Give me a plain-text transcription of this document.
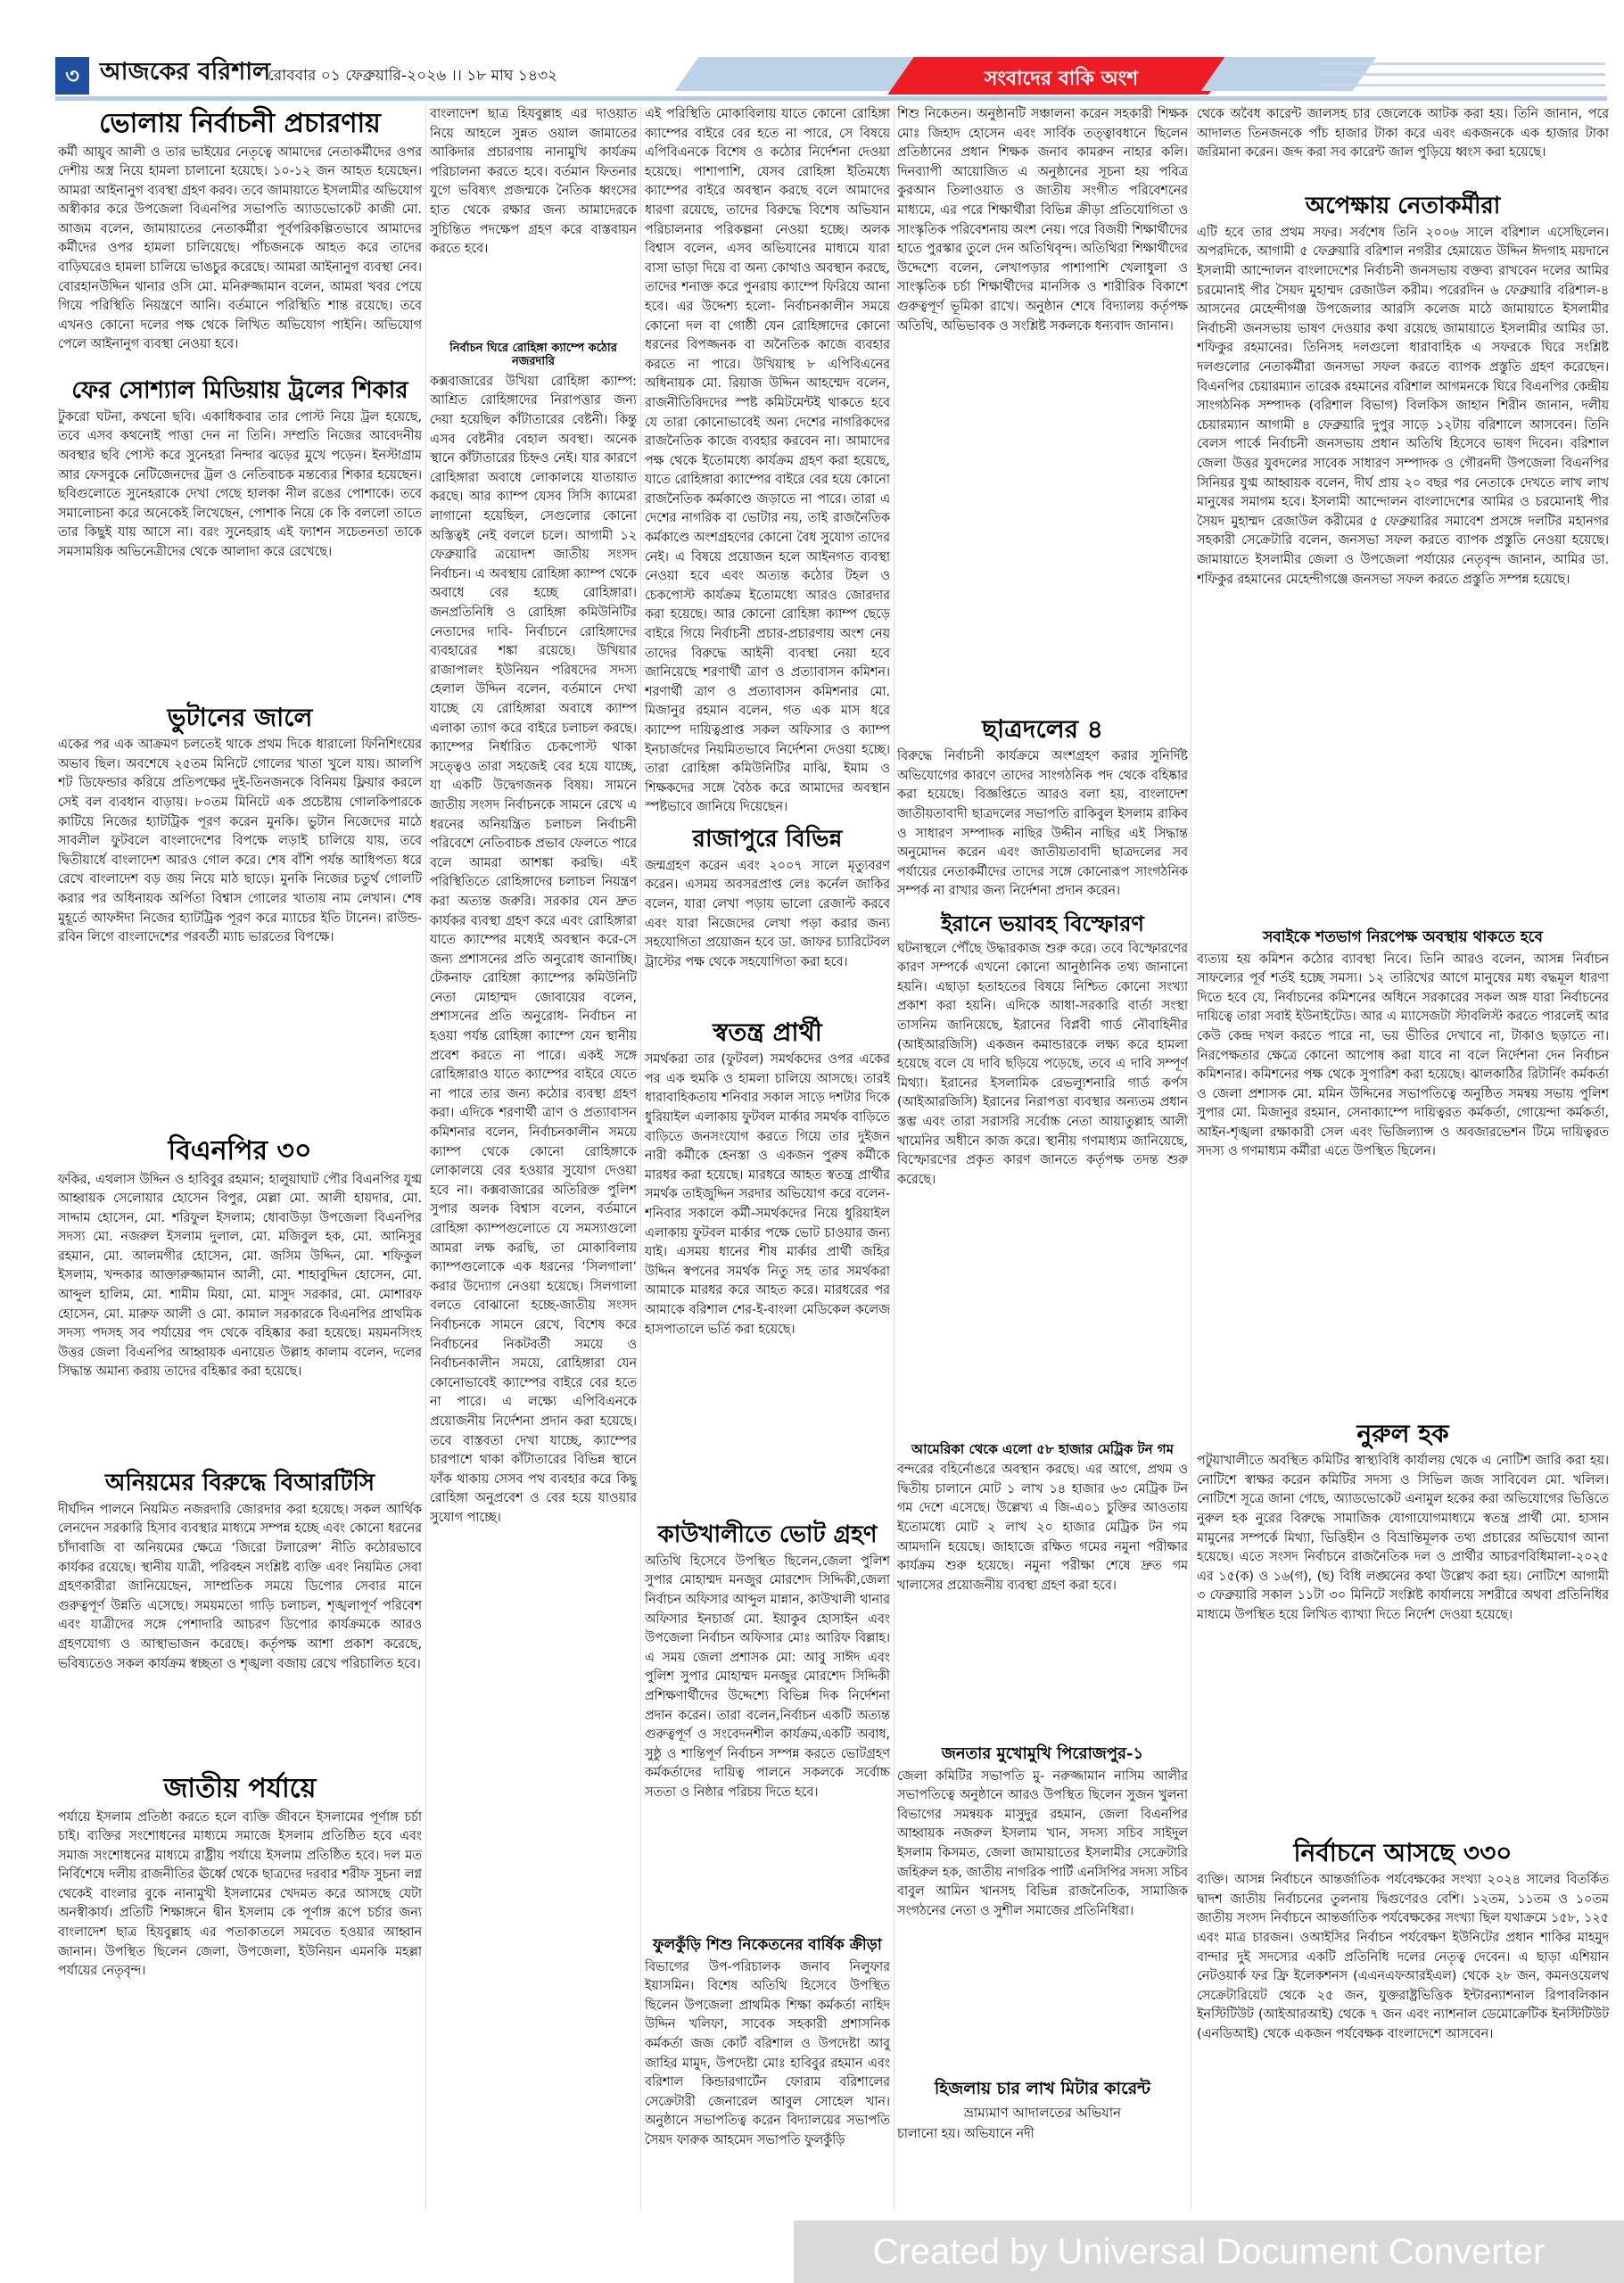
৩ আজকের বরিশাল
রোববার ০১ ফেব্রুয়ারি-২০২৬ ।। ১৮ মাঘ ১৪৩২	সংবাদের বাকি অংশ
ভোলায় নির্বাচনী প্রচারণায়
কর্মী আয়ুব আলী ও তার ভাইয়ের নেতৃত্বে আমাদের নেতাকর্মীদের ওপর দেশীয় অস্ত্র নিয়ে হামলা চালানো হয়েছে। ১০-১২ জন আহত হয়েছেন। আমরা আইনানুগ ব্যবস্থা গ্রহণ করব। তবে জামায়াতে ইসলামীর অভিযোগ অস্বীকার করে উপজেলা বিএনপির সভাপতি অ্যাডভোকেট কাজী মো. আজম বলেন, জামায়াতের নেতাকর্মীরা পূর্বপরিকল্পিতভাবে আমাদের কর্মীদের ওপর হামলা চালিয়েছে। পাঁচজনকে আহত করে তাদের বাড়িঘরেও হামলা চালিয়ে ভাঙচুর করেছে। আমরা আইনানুগ ব্যবস্থা নেব। বোরহানউদ্দিন থানার ওসি মো. মনিরুজ্জামান বলেন, আমরা খবর পেয়ে গিয়ে পরিস্থিতি নিয়ন্ত্রণে আনি। বর্তমানে পরিস্থিতি শান্ত রয়েছে। তবে এখনও কোনো দলের পক্ষ থেকে লিখিত অভিযোগ পাইনি। অভিযোগ পেলে আইনানুগ ব্যবস্থা নেওয়া হবে।
ফের সোশ্যাল মিডিয়ায় ট্রলের শিকার
টুকরো ঘটনা, কথনো ছবি। একাধিকবার তার পোস্ট নিয়ে ট্রল হয়েছে, তবে এসব কথনোই পাত্তা দেন না তিনি। সম্প্রতি নিজের আবেদনীয় অবস্থার ছবি পোস্ট করে সুনেহরা নিন্দার ঝড়ের মুখে পড়েন। ইনস্টাগ্রাম আর ফেসবুকে নেটিজেনদের ট্রল ও নেতিবাচক মন্তব্যের শিকার হয়েছেন। ছবিগুলোতে সুনেহরাকে দেখা গেছে হালকা নীল রঙের পোশাকে। তবে সমালোচনা করে অনেকেই লিখেছেন, পোশাক নিয়ে কে কি বললো তাতে তার কিছুই যায় আসে না। বরং সুনেহরাহ এই ফ্যাশন সচেতনতা তাকে সমসাময়িক অভিনেত্রীদের থেকে আলাদা করে রেখেছে।
ভুটানের জালে
একের পর এক আক্রমণ চলতেই থাকে প্রথম দিকে ধারালো ফিনিশিংয়ের অভাব ছিল। অবশেষে ২৫তম মিনিটে গোলের খাতা খুলে যায়। আলপি শট ডিফেন্ডার করিয়ে প্রতিপক্ষের দুই-তিনজনকে বিনিময় ফ্লিয়ার করলে সেই বল ব্যবধান বাড়ায়। ৮০তম মিনিটে এক প্রচেষ্টায় গোলকিপারকে কাটিয়ে নিজের হ্যাটট্রিক পূরণ করেন মুনকি। ভুটান নিজেদের মাঠে সাবলীল ফুটবলে বাংলাদেশের বিপক্ষে লড়াই চালিয়ে যায়, তবে দ্বিতীয়ার্ধে বাংলাদেশ আরও গোল করে। শেষ বাঁশি পর্যন্ত আধিপত্য ধরে রেখে বাংলাদেশ বড় জয় নিয়ে মাঠ ছাড়ে। মুনকি নিজের চতুর্থ গোলটি করার পর অধিনায়ক অর্পিতা বিশ্বাস গোলের খাতায় নাম লেখান। শেষ মুহূর্তে আফঈদা নিজের হ্যাটট্রিক পূরণ করে ম্যাচের ইতি টানেন। রাউন্ড-রবিন লিগে বাংলাদেশের পরবর্তী ম্যাচ ভারতের বিপক্ষে।
বিএনপির ৩০
ফকির, এথলাস উদ্দিন ও হাবিবুর রহমান; হালুয়াঘাট পৌর বিএনপির যুগ্ম আহ্বায়ক সেলোয়ার হোসেন বিপুর, মেল্লা মো. আলী হায়দার, মো. সাদ্দাম হোসেন, মো. শরিফুল ইসলাম; ধোবাউড়া উপজেলা বিএনপির সদস্য মো. নজরুল ইসলাম দুলাল, মো. মজিবুল হক, মো. আনিসুর রহমান, মো. আলমগীর হোসেন, মো. জসিম উদ্দিন, মো. শফিকুল ইসলাম, খন্দকার আক্তারুজ্জামান আলী, মো. শাহাবুদ্দিন হোসেন, মো. আব্দুল হালিম, মো. শামীম মিয়া, মো. মাসুদ সরকার, মো. মোশারফ হোসেন, মো. মারুফ আলী ও মো. কামাল সরকারকে বিএনপির প্রাথমিক সদস্য পদসহ সব পর্যায়ের পদ থেকে বহিষ্কার করা হয়েছে। ময়মনসিংহ উত্তর জেলা বিএনপির আহ্বায়ক এনায়েত উল্লাহ কালাম বলেন, দলের সিদ্ধান্ত অমান্য করায় তাদের বহিষ্কার করা হয়েছে।
অনিয়মের বিরুদ্ধে বিআরটিসি
দীর্ঘদিন পালনে নিয়মিত নজরদারি জোরদার করা হয়েছে। সকল আর্থিক লেনদেন সরকারি হিসাব ব্যবস্থার মাধ্যমে সম্পন্ন হচ্ছে এবং কোনো ধরনের চাঁদাবাজি বা অনিয়মের ক্ষেত্রে ‘জিরো টলারেন্স’ নীতি কঠোরভাবে কার্যকর রয়েছে। স্থানীয় যাত্রী, পরিবহন সংশ্লিষ্ট ব্যক্তি এবং নিয়মিত সেবা গ্রহণকারীরা জানিয়েছেন, সাম্প্রতিক সময়ে ডিপোর সেবার মানে গুরুত্বপূর্ণ উন্নতি এসেছে। সময়মতো গাড়ি চলাচল, শৃঙ্খলাপূর্ণ পরিবেশ এবং যাত্রীদের সঙ্গে পেশাদারি আচরণ ডিপোর কার্যক্রমকে আরও গ্রহণযোগ্য ও আস্থাভাজন করেছে। কর্তৃপক্ষ আশা প্রকাশ করেছে, ভবিষ্যতেও সকল কার্যক্রম স্বচ্ছতা ও শৃঙ্খলা বজায় রেখে পরিচালিত হবে।
জাতীয় পর্যায়ে
পর্যায়ে ইসলাম প্রতিষ্ঠা করতে হলে ব্যক্তি জীবনে ইসলামের পূর্ণাঙ্গ চর্চা চাই। ব্যক্তির সংশোধনের মাধ্যমে সমাজে ইসলাম প্রতিষ্ঠিত হবে এবং সমাজ সংশোধনের মাধ্যমে রাষ্ট্রীয় পর্যায়ে ইসলাম প্রতিষ্ঠিত হবে। দল মত নির্বিশেষে দলীয় রাজনীতির ঊর্ধ্বে থেকে ছাত্রদের দরবার শরীফ সুচনা লগ্ন থেকেই বাংলার বুকে নানামুখী ইসলামের খেদমত করে আসছে যেটা অনস্বীকার্য। প্রতিটি শিক্ষাঙ্গনে দ্বীন ইসলাম কে পূর্ণাঙ্গ রূপে চর্চার জন্য বাংলাদেশ ছাত্র হিযবুল্লাহ এর পতাকাতলে সমবেত হওয়ার আহ্বান জানান। উপস্থিত ছিলেন জেলা, উপজেলা, ইউনিয়ন এমনকি মহল্লা পর্যায়ের নেতৃবৃন্দ।
বাংলাদেশ ছাত্র হিযবুল্লাহ এর দাওয়াত নিয়ে আহলে সুন্নত ওয়াল জামাতের আকিদার প্রচারণায় নানামুখি কার্যক্রম পরিচালনা করতে হবে। বর্তমান ফিতনার যুগে ভবিষ্যৎ প্রজন্মকে নৈতিক ধ্বংসের হাত থেকে রক্ষার জন্য আমাদেরকে সুচিন্তিত পদক্ষেপ গ্রহণ করে বাস্তবায়ন করতে হবে।
নির্বাচন ঘিরে রোহিঙ্গা ক্যাম্পে কঠোর নজরদারি
কক্সবাজারের উখিয়া রোহিঙ্গা ক্যাম্প: আশ্রিত রোহিঙ্গাদের নিরাপত্তার জন্য দেয়া হয়েছিল কাঁটাতারের বেষ্টনী। কিন্তু এসব বেষ্টনীর বেহাল অবস্থা। অনেক স্থানে কাঁটাতারের চিহ্নও নেই। যার কারণে রোহিঙ্গারা অবাধে লোকালয়ে যাতায়াত করছে। আর ক্যাম্প যেসব সিসি ক্যামেরা লাগানো হয়েছিল, সেগুলোর কোনো অস্তিত্বই নেই বললে চলে। আগামী ১২ ফেব্রুয়ারি ত্রয়োদশ জাতীয় সংসদ নির্বাচন। এ অবস্থায় রোহিঙ্গা ক্যাম্প থেকে অবাধে বের হচ্ছে রোহিঙ্গারা। জনপ্রতিনিধি ও রোহিঙ্গা কমিউনিটির নেতাদের দাবি- নির্বাচনে রোহিঙ্গাদের ব্যবহারের শঙ্কা রয়েছে। উখিয়ার রাজাপালং ইউনিয়ন পরিষদের সদস্য হেলাল উদ্দিন বলেন, বর্তমানে দেখা যাচ্ছে যে রোহিঙ্গারা অবাধে ক্যাম্প এলাকা ত্যাগ করে বাইরে চলাচল করছে। ক্যাম্পের নির্ধারিত চেকপোস্ট থাকা সত্ত্বেও তারা সহজেই বের হয়ে যাচ্ছে, যা একটি উদ্বেগজনক বিষয়। সামনে জাতীয় সংসদ নির্বাচনকে সামনে রেখে এ ধরনের অনিয়ন্ত্রিত চলাচল নির্বাচনী পরিবেশে নেতিবাচক প্রভাব ফেলতে পারে বলে আমরা আশঙ্কা করছি। এই পরিস্থিতিতে রোহিঙ্গাদের চলাচল নিয়ন্ত্রণ করা অত্যন্ত জরুরি। সরকার যেন দ্রুত কার্যকর ব্যবস্থা গ্রহণ করে এবং রোহিঙ্গারা যাতে ক্যাম্পের মধ্যেই অবস্থান করে-সে জন্য প্রশাসনের প্রতি অনুরোধ জানাচ্ছি। টেকনাফ রোহিঙ্গা ক্যাম্পের কমিউনিটি নেতা মোহাম্মদ জোবায়ের বলেন, প্রশাসনের প্রতি অনুরোধ- নির্বাচন না হওয়া পর্যন্ত রোহিঙ্গা ক্যাম্পে যেন স্থানীয় প্রবেশ করতে না পারে। একই সঙ্গে রোহিঙ্গারাও যাতে ক্যাম্পের বাইরে যেতে না পারে তার জন্য কঠোর ব্যবস্থা গ্রহণ করা। এদিকে শরণার্থী ত্রাণ ও প্রত্যাবাসন কমিশনার বলেন, নির্বাচনকালীন সময়ে ক্যাম্প থেকে কোনো রোহিঙ্গাকে লোকালয়ে বের হওয়ার সুযোগ দেওয়া হবে না। কক্সবাজারের অতিরিক্ত পুলিশ সুপার অলক বিশ্বাস বলেন, বর্তমানে রোহিঙ্গা ক্যাম্পগুলোতে যে সমস্যাগুলো আমরা লক্ষ করছি, তা মোকাবিলায় ক্যাম্পগুলোকে এক ধরনের ‘সিলগালা’ করার উদ্যোগ নেওয়া হয়েছে। সিলগালা বলতে বোঝানো হচ্ছে-জাতীয় সংসদ নির্বাচনকে সামনে রেখে, বিশেষ করে নির্বাচনের নিকটবর্তী সময়ে ও নির্বাচনকালীন সময়ে, রোহিঙ্গারা যেন কোনোভাবেই ক্যাম্পের বাইরে বের হতে না পারে। এ লক্ষ্যে এপিবিএনকে প্রয়োজনীয় নির্দেশনা প্রদান করা হয়েছে। তবে বাস্তবতা দেখা যাচ্ছে, ক্যাম্পের চারপাশে থাকা কাঁটাতারের বিভিন্ন স্থানে ফাঁক থাকায় সেসব পথ ব্যবহার করে কিছু রোহিঙ্গা অনুপ্রবেশ ও বের হয়ে যাওয়ার সুযোগ পাচ্ছে।
এই পরিস্থিতি মোকাবিলায় যাতে কোনো রোহিঙ্গা ক্যাম্পের বাইরে বের হতে না পারে, সে বিষয়ে এপিবিএনকে বিশেষ ও কঠোর নির্দেশনা দেওয়া হয়েছে। পাশাপাশি, যেসব রোহিঙ্গা ইতিমধ্যে ক্যাম্পের বাইরে অবস্থান করছে বলে আমাদের ধারণা রয়েছে, তাদের বিরুদ্ধে বিশেষ অভিযান পরিচালনার পরিকল্পনা নেওয়া হচ্ছে। অলক বিশ্বাস বলেন, এসব অভিযানের মাধ্যমে যারা বাসা ভাড়া দিয়ে বা অন্য কোথাও অবস্থান করছে, তাদের শনাক্ত করে পুনরায় ক্যাম্পে ফিরিয়ে আনা হবে। এর উদ্দেশ্য হলো- নির্বাচনকালীন সময়ে কোনো দল বা গোষ্ঠী যেন রোহিঙ্গাদের কোনো ধরনের বিপজ্জনক বা অনৈতিক কাজে ব্যবহার করতে না পারে। উখিয়াস্থ ৮ এপিবিএনের অধিনায়ক মো. রিয়াজ উদ্দিন আহম্মেদ বলেন, রাজনীতিবিদদের স্পষ্ট কমিটমেন্টই থাকতে হবে যে তারা কোনোভাবেই অন্য দেশের নাগরিকদের রাজনৈতিক কাজে ব্যবহার করবেন না। আমাদের পক্ষ থেকে ইতোমধ্যে কার্যক্রম গ্রহণ করা হয়েছে, যাতে রোহিঙ্গারা ক্যাম্পের বাইরে বের হয়ে কোনো রাজনৈতিক কর্মকাণ্ডে জড়াতে না পারে। তারা এ দেশের নাগরিক বা ভোটার নয়, তাই রাজনৈতিক কর্মকাণ্ডে অংশগ্রহণের কোনো বৈধ সুযোগ তাদের নেই। এ বিষয়ে প্রয়োজন হলে আইনগত ব্যবস্থা নেওয়া হবে এবং অত্যন্ত কঠোর টহল ও চেকপোস্ট কার্যক্রম ইতোমধ্যে আরও জোরদার করা হয়েছে। আর কোনো রোহিঙ্গা ক্যাম্প ছেড়ে বাইরে গিয়ে নির্বাচনী প্রচার-প্রচারণায় অংশ নেয় তাদের বিরুদ্ধে আইনী ব্যবস্থা নেয়া হবে জানিয়েছে শরণার্থী ত্রাণ ও প্রত্যাবাসন কমিশন। শরণার্থী ত্রাণ ও প্রত্যাবাসন কমিশনার মো. মিজানুর রহমান বলেন, গত এক মাস ধরে ক্যাম্পে দায়িত্বপ্রাপ্ত সকল অফিসার ও ক্যাম্প ইনচার্জদের নিয়মিতভাবে নির্দেশনা দেওয়া হচ্ছে। তারা রোহিঙ্গা কমিউনিটির মাঝি, ইমাম ও শিক্ষকদের সঙ্গে বৈঠক করে আমাদের অবস্থান স্পষ্টভাবে জানিয়ে দিয়েছেন।
রাজাপুরে বিভিন্ন
জন্মগ্রহণ করেন এবং ২০০৭ সালে মৃত্যুবরণ করেন। এসময় অবসরপ্রাপ্ত লেঃ কর্নেল জাকির বলেন, যারা লেখা পড়ায় ভালো রেজাল্ট করবে এবং যারা নিজেদের লেখা পড়া করার জন্য সহযোগিতা প্রয়োজন হবে ডা. জাফর চ্যারিটেবল ট্রাস্টের পক্ষ থেকে সহযোগিতা করা হবে।
স্বতন্ত্র প্রার্থী
সমর্থকরা তার (ফুটবল) সমর্থকদের ওপর একের পর এক হুমকি ও হামলা চালিয়ে আসছে। তারই ধারাবাহিকতায় শনিবার সকাল সাড়ে দশটার দিকে ধুরিয়াইল এলাকায় ফুটবল মার্কার সমর্থক বাড়িতে বাড়িতে জনসংযোগ করতে গিয়ে তার দুইজন নারী কর্মীকে হেনস্তা ও একজন পুরুষ কর্মীকে মারধর করা হয়েছে। মারধরে আহত স্বতন্ত্র প্রার্থীর সমর্থক তাইজুদ্দিন সরদার অভিযোগ করে বলেন- শনিবার সকালে কর্মী-সমর্থকদের নিয়ে ধুরিয়াইল এলাকায় ফুটবল মার্কার পক্ষে ভোট চাওয়ার জন্য যাই। এসময় ধানের শীষ মার্কার প্রার্থী জহির উদ্দিন স্বপনের সমর্থক নিতু সহ তার সমর্থকরা আমাকে মারধর করে আহত করে। মারধরের পর আমাকে বরিশাল শের-ই-বাংলা মেডিকেল কলেজ হাসপাতালে ভর্তি করা হয়েছে।
কাউখালীতে ভোট গ্রহণ
অতিথি হিসেবে উপস্থিত ছিলেন,জেলা পুলিশ সুপার মোহাম্মদ মনজুর মোরশেদ সিদ্দিকী,জেলা নির্বাচন অফিসার আব্দুল মান্নান, কাউখালী থানার অফিসার ইনচার্জ মো. ইয়াকুব হোসাইন এবং উপজেলা নির্বাচন অফিসার মোঃ আরিফ বিল্লাহ। এ সময় জেলা প্রশাসক মো: আবু সাঈদ এবং পুলিশ সুপার মোহাম্মদ মনজুর মোরশেদ সিদ্দিকী প্রশিক্ষণার্থীদের উদ্দেশ্যে বিভিন্ন দিক নির্দেশনা প্রদান করেন। তারা বলেন,নির্বাচন একটি অত্যন্ত গুরুত্বপূর্ণ ও সংবেদনশীল কার্যক্রম,একটি অবাধ, সুষ্ঠু ও শান্তিপূর্ণ নির্বাচন সম্পন্ন করতে ভোটগ্রহণ কর্মকর্তাদের দায়িত্ব পালনে সকলকে সর্বোচ্চ সততা ও নিষ্ঠার পরিচয় দিতে হবে।
ফুলকুঁড়ি শিশু নিকেতনের বার্ষিক ক্রীড়া
বিভাগের উপ-পরিচালক জনাব নিলুফার ইয়াসমিন। বিশেষ অতিথি হিসেবে উপস্থিত ছিলেন উপজেলা প্রাথমিক শিক্ষা কর্মকর্তা নাহিদ উদ্দিন খলিফা, সাবেক সহকারী প্রশাসনিক কর্মকর্তা জজ কোর্ট বরিশাল ও উপদেষ্টা আবু জাহির মামুদ, উপদেষ্টা মোঃ হাবিবুর রহমান এবং বরিশাল কিন্ডারগার্টেন ফোরাম বরিশালের সেক্রেটারী জেনারেল আবুল সোহেল খান। অনুষ্ঠানে সভাপতিত্ব করেন বিদ্যালয়ের সভাপতি সৈয়দ ফারুক আহমেদ সভাপতি ফুলকুঁড়ি
শিশু নিকেতন। অনুষ্ঠানটি সঞ্চালনা করেন সহকারী শিক্ষক মোঃ জিহাদ হোসেন এবং সার্বিক তত্ত্বাবধানে ছিলেন প্রতিষ্ঠানের প্রধান শিক্ষক জনাব কামরুন নাহার কলি। দিনব্যাপী আয়োজিত এ অনুষ্ঠানের সূচনা হয় পবিত্র কুরআন তিলাওয়াত ও জাতীয় সংগীত পরিবেশনের মাধ্যমে, এর পরে শিক্ষার্থীরা বিভিন্ন ক্রীড়া প্রতিযোগিতা ও সাংস্কৃতিক পরিবেশনায় অংশ নেয়। পরে বিজয়ী শিক্ষার্থীদের হাতে পুরস্কার তুলে দেন অতিথিবৃন্দ। অতিথিরা শিক্ষার্থীদের উদ্দেশ্যে বলেন, লেখাপড়ার পাশাপাশি খেলাধুলা ও সাংস্কৃতিক চর্চা শিক্ষার্থীদের মানসিক ও শারীরিক বিকাশে গুরুত্বপূর্ণ ভূমিকা রাখে। অনুষ্ঠান শেষে বিদ্যালয় কর্তৃপক্ষ অতিথি, অভিভাবক ও সংশ্লিষ্ট সকলকে ধন্যবাদ জানান।
ছাত্রদলের ৪
বিরুদ্ধে নির্বাচনী কার্যক্রমে অংশগ্রহণ করার সুনির্দিষ্ট অভিযোগের কারণে তাদের সাংগঠনিক পদ থেকে বহিষ্কার করা হয়েছে। বিজ্ঞপ্তিতে আরও বলা হয়, বাংলাদেশ জাতীয়তাবাদী ছাত্রদলের সভাপতি রাকিবুল ইসলাম রাকিব ও সাধারণ সম্পাদক নাছির উদ্দীন নাছির এই সিদ্ধান্ত অনুমোদন করেন এবং জাতীয়তাবাদী ছাত্রদলের সব পর্যায়ের নেতাকর্মীদের তাদের সঙ্গে কোনোরূপ সাংগঠনিক সম্পর্ক না রাখার জন্য নির্দেশনা প্রদান করেন।
ইরানে ভয়াবহ বিস্ফোরণ
ঘটনাস্থলে পৌঁছে উদ্ধারকাজ শুরু করে। তবে বিস্ফোরণের কারণ সম্পর্কে এখনো কোনো আনুষ্ঠানিক তথ্য জানানো হয়নি। এছাড়া হতাহতের বিষয়ে নিশ্চিত কোনো সংখ্যা প্রকাশ করা হয়নি। এদিকে আধা-সরকারি বার্তা সংস্থা তাসনিম জানিয়েছে, ইরানের বিপ্লবী গার্ড নৌবাহিনীর (আইআরজিসি) একজন কমান্ডারকে লক্ষ্য করে হামলা হয়েছে বলে যে দাবি ছড়িয়ে পড়েছে, তবে এ দাবি সম্পূর্ণ মিথ্যা। ইরানের ইসলামিক রেভল্যুশনারি গার্ড কর্পস (আইআরজিসি) ইরানের নিরাপত্তা ব্যবস্থার অন্যতম প্রধান স্তম্ভ এবং তারা সরাসরি সর্বোচ্চ নেতা আয়াতুল্লাহ আলী খামেনির অধীনে কাজ করে। স্থানীয় গণমাধ্যম জানিয়েছে, বিস্ফোরণের প্রকৃত কারণ জানতে কর্তৃপক্ষ তদন্ত শুরু করেছে।
আমেরিকা থেকে এলো ৫৮ হাজার মেট্রিক টন গম
বন্দরের বহির্নোঙরে অবস্থান করছে। এর আগে, প্রথম ও দ্বিতীয় চালানে মোট ১ লাখ ১৪ হাজার ৬৩ মেট্রিক টন গম দেশে এসেছে। উল্লেখ্য এ জি-এ০১ চুক্তির আওতায় ইতোমধ্যে মোট ২ লাখ ২০ হাজার মেট্রিক টন গম আমদানি হয়েছে। জাহাজে রক্ষিত গমের নমুনা পরীক্ষার কার্যক্রম শুরু হয়েছে। নমুনা পরীক্ষা শেষে দ্রুত গম খালাসের প্রয়োজনীয় ব্যবস্থা গ্রহণ করা হবে।
জনতার মুখোমুখি পিরোজপুর-১
জেলা কমিটির সভাপতি মু- নরুজ্জামান নাসিম আলীর সভাপতিত্বে অনুষ্ঠানে আরও উপস্থিত ছিলেন সুজন খুলনা বিভাগের সমন্বয়ক মাসুদুর রহমান, জেলা বিএনপির আহ্বায়ক নজরুল ইসলাম খান, সদস্য সচিব সাইদুল ইসলাম কিসমত, জেলা জামায়াতের ইসলামীর সেক্রেটারি জহিরুল হক, জাতীয় নাগরিক পার্টি এনসিপির সদস্য সচিব বাবুল আমিন খানসহ বিভিন্ন রাজনৈতিক, সামাজিক সংগঠনের নেতা ও সুশীল সমাজের প্রতিনিধিরা।
হিজলায় চার লাখ মিটার কারেন্ট
ভ্রাম্যমাণ আদালতের অভিযান
চালানো হয়। অভিযানে নদী
থেকে অবৈধ কারেন্ট জালসহ চার জেলেকে আটক করা হয়। তিনি জানান, পরে আদালত তিনজনকে পাঁচ হাজার টাকা করে এবং একজনকে এক হাজার টাকা জরিমানা করেন। জব্দ করা সব কারেন্ট জাল পুড়িয়ে ধ্বংস করা হয়েছে।
অপেক্ষায় নেতাকর্মীরা
এটি হবে তার প্রথম সফর। সর্বশেষ তিনি ২০০৬ সালে বরিশাল এসেছিলেন। অপরদিকে, আগামী ৫ ফেব্রুয়ারি বরিশাল নগরীর হেমায়েত উদ্দিন ঈদগাহ ময়দানে ইসলামী আন্দোলন বাংলাদেশের নির্বাচনী জনসভায় বক্তব্য রাখবেন দলের আমির চরমোনাই পীর সৈয়দ মুহাম্মদ রেজাউল করীম। পরেরদিন ৬ ফেব্রুয়ারি বরিশাল-৪ আসনের মেহেন্দীগঞ্জ উপজেলার আরসি কলেজ মাঠে জামায়াতে ইসলামীর নির্বাচনী জনসভায় ভাষণ দেওয়ার কথা রয়েছে জামায়াতে ইসলামীর আমির ডা. শফিকুর রহমানের। তিনিসহ দলগুলো ধারাবাহিক এ সফরকে ঘিরে সংশ্লিষ্ট দলগুলোর নেতাকর্মীরা জনসভা সফল করতে ব্যাপক প্রস্তুতি গ্রহণ করেছেন। বিএনপির চেয়ারম্যান তারেক রহমানের বরিশাল আগমনকে ঘিরে বিএনপির কেন্দ্রীয় সাংগঠনিক সম্পাদক (বরিশাল বিভাগ) বিলকিস জাহান শিরীন জানান, দলীয় চেয়ারম্যান আগামী ৪ ফেব্রুয়ারি দুপুর সাড়ে ১২টায় বরিশালে আসবেন। তিনি বেলস পার্কে নির্বাচনী জনসভায় প্রধান অতিথি হিসেবে ভাষণ দিবেন। বরিশাল জেলা উত্তর যুবদলের সাবেক সাধারণ সম্পাদক ও গৌরনদী উপজেলা বিএনপির সিনিয়র যুগ্ম আহ্বায়ক বলেন, দীর্ঘ প্রায় ২০ বছর পর নেতাকে দেখতে লাখ লাখ মানুষের সমাগম হবে। ইসলামী আন্দোলন বাংলাদেশের আমির ও চরমোনাই পীর সৈয়দ মুহাম্মদ রেজাউল করীমের ৫ ফেব্রুয়ারির সমাবেশ প্রসঙ্গে দলটির মহানগর সহকারী সেক্রেটারি বলেন, জনসভা সফল করতে ব্যাপক প্রস্তুতি নেওয়া হয়েছে। জামায়াতে ইসলামীর জেলা ও উপজেলা পর্যায়ের নেতৃবৃন্দ জানান, আমির ডা. শফিকুর রহমানের মেহেন্দীগঞ্জে জনসভা সফল করতে প্রস্তুতি সম্পন্ন হয়েছে।
সবাইকে শতভাগ নিরপেক্ষ অবস্থায় থাকতে হবে
ব্যত্যয় হয় কমিশন কঠোর ব্যাবস্থা নিবে। তিনি আরও বলেন, আসন্ন নির্বাচন সাফল্যের পূর্ব শর্তই হচ্ছে সমস্য। ১২ তারিখের আগে মানুষের মধ্য বদ্ধমূল ধারণা দিতে হবে যে, নির্বাচনের কমিশনের অধিনে সরকারের সকল অঙ্গ যারা নির্বাচনের দায়িত্বে তারা সবাই ইউনাইটেড। আর এ ম্যাসেজটা স্টাবলিস্ট করতে পারলেই আর কেউ কেন্দ্র দখল করতে পারে না, ভয় ভীতির দেখাবে না, টাকাও ছড়াতে না। নিরপেক্ষতার ক্ষেত্রে কোনো আপোষ করা যাবে না বলে নির্দেশনা দেন নির্বাচন কমিশনার। কমিশনের পক্ষ থেকে সুপারিশ করা হয়েছে। ঝালকাঠির রিটার্নিং কর্মকর্তা ও জেলা প্রশাসক মো. মমিন উদ্দিনের সভাপতিত্বে অনুষ্ঠিত সমন্বয় সভায় পুলিশ সুপার মো. মিজানুর রহমান, সেনাক্যাম্পে দায়িত্বরত কর্মকর্তা, গোয়েন্দা কর্মকর্তা, আইন-শৃঙ্খলা রক্ষাকারী সেল এবং ভিজিল্যান্স ও অবজারভেশন টিমে দায়িত্বরত সদস্য ও গণমাধ্যম কর্মীরা এতে উপস্থিত ছিলেন।
নুরুল হক
পটুয়াখালীতে অবস্থিত কমিটির স্বাস্থ্যবিধি কার্যালয় থেকে এ নোটিশ জারি করা হয়। নোটিশে স্বাক্ষর করেন কমিটির সদস্য ও সিভিল জজ সাবিবেল মো. খলিল। নোটিশে সূত্রে জানা গেছে, অ্যাডভোকেট এনামুল হকের করা অভিযোগের ভিত্তিতে নুরুল হক নুরের বিরুদ্ধে সামাজিক যোগাযোগমাধ্যমে স্বতন্ত্র প্রার্থী মো. হাসান মামুনের সম্পর্কে মিথ্যা, ভিত্তিহীন ও বিভ্রান্তিমূলক তথ্য প্রচারের অভিযোগ আনা হয়েছে। এতে সংসদ নির্বাচনে রাজনৈতিক দল ও প্রার্থীর আচরণবিধিমালা-২০২৫ এর ১৫(ক) ও ১৬(গ), (ছ) বিধি লঙ্ঘনের কথা উল্লেখ করা হয়। নোটিশে আগামী ৩ ফেব্রুয়ারি সকাল ১১টা ৩০ মিনিটে সংশ্লিষ্ট কার্যালয়ে সশরীরে অথবা প্রতিনিধির মাধ্যমে উপস্থিত হয়ে লিখিত ব্যাখ্যা দিতে নির্দেশ দেওয়া হয়েছে।
নির্বাচনে আসছে ৩৩০
ব্যক্তি। আসন্ন নির্বাচনে আন্তর্জাতিক পর্যবেক্ষকের সংখ্যা ২০২৪ সালের বিতর্কিত দ্বাদশ জাতীয় নির্বাচনের তুলনায় দ্বিগুণেরও বেশি। ১২তম, ১১তম ও ১০তম জাতীয় সংসদ নির্বাচনে আন্তর্জাতিক পর্যবেক্ষকের সংখ্যা ছিল যথাক্রমে ১৫৮, ১২৫ এবং মাত্র চারজন। ওআইসির নির্বাচন পর্যবেক্ষণ ইউনিটের প্রধান শাকির মাহমুদ বান্দার দুই সদস্যের একটি প্রতিনিধি দলের নেতৃত্ব দেবেন। এ ছাড়া এশিয়ান নেটওয়ার্ক ফর ফ্রি ইলেকশনস (এএনএফআরইএল) থেকে ২৮ জন, কমনওয়েলথ সেক্রেটারিয়েট থেকে ২৫ জন, যুক্তরাষ্ট্রভিত্তিক ইন্টারন্যাশনাল রিপাবলিকান ইনস্টিটিউট (আইআরআই) থেকে ৭ জন এবং ন্যাশনাল ডেমোক্রেটিক ইনস্টিটিউট (এনডিআই) থেকে একজন পর্যবেক্ষক বাংলাদেশে আসবেন।
Created by Universal Document Converter
